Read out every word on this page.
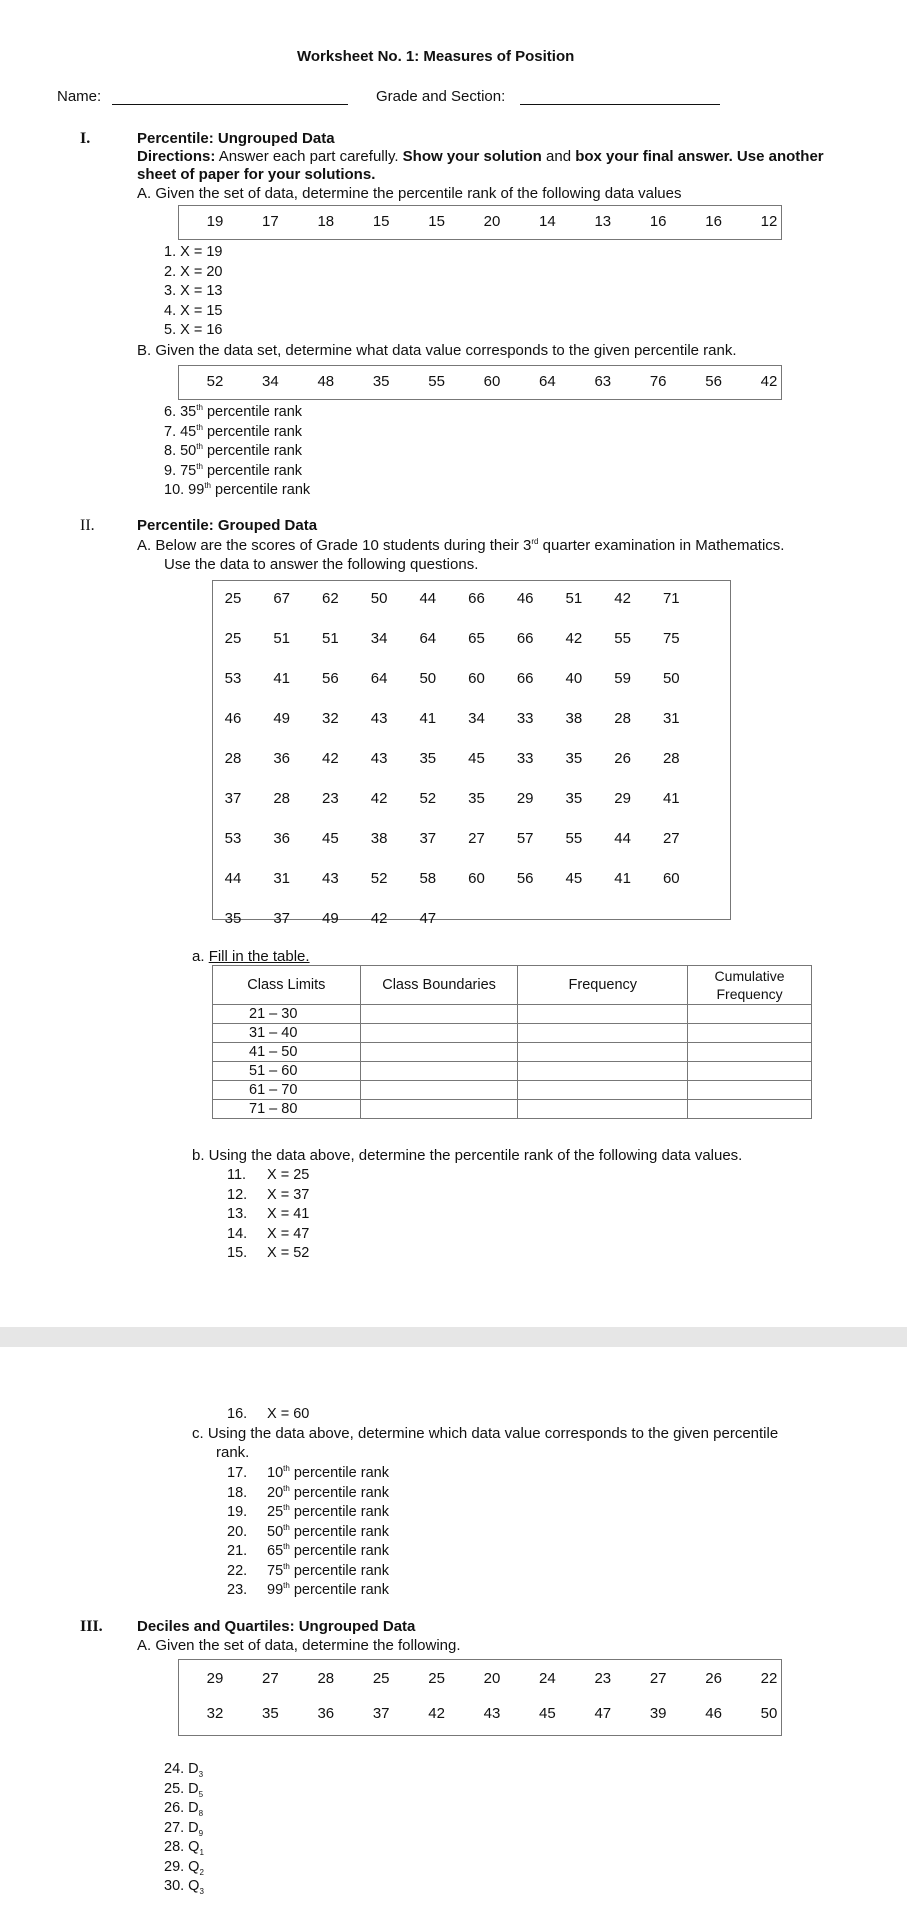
Worksheet No. 1: Measures of Position
Name:	Grade and Section:
I.	Percentile: Ungrouped Data
Directions: Answer each part carefully. Show your solution and box your final answer. Use another sheet of paper for your solutions.
A. Given the set of data, determine the percentile rank of the following data values
19	17	18	15	15	20	14	13	16	16	12
1. X = 19
2. X = 20
3. X = 13
4. X = 15
5. X = 16
B. Given the data set, determine what data value corresponds to the given percentile rank.
52	34	48	35	55	60	64	63	76	56	42
6. 35th percentile rank
7. 45th percentile rank
8. 50th percentile rank
9. 75th percentile rank
10. 99th percentile rank
II.	Percentile: Grouped Data
A. Below are the scores of Grade 10 students during their 3rd quarter examination in Mathematics.
Use the data to answer the following questions.
25	67	62	50	44	66	46	51	42	71
25	51	51	34	64	65	66	42	55	75
53	41	56	64	50	60	66	40	59	50
46	49	32	43	41	34	33	38	28	31
28	36	42	43	35	45	33	35	26	28
37	28	23	42	52	35	29	35	29	41
53	36	45	38	37	27	57	55	44	27
44	31	43	52	58	60	56	45	41	60
35	37	49	42	47
a. Fill in the table.
Class Limits	Class Boundaries	Frequency	Cumulative Frequency
21 – 30			
31 – 40			
41 – 50			
51 – 60			
61 – 70			
71 – 80			
b. Using the data above, determine the percentile rank of the following data values.
11. X = 25
12. X = 37
13. X = 41
14. X = 47
15. X = 52
16. X = 60
c. Using the data above, determine which data value corresponds to the given percentile
rank.
17. 10th percentile rank
18. 20th percentile rank
19. 25th percentile rank
20. 50th percentile rank
21. 65th percentile rank
22. 75th percentile rank
23. 99th percentile rank
III. Deciles and Quartiles: Ungrouped Data
A. Given the set of data, determine the following.
29	27	28	25	25	20	24	23	27	26	22
32	35	36	37	42	43	45	47	39	46	50
24. $D_3$
25. $D_5$
26. $D_8$
27. $D_9$
28. $Q_1$
29. $Q_2$
30. $Q_3$
